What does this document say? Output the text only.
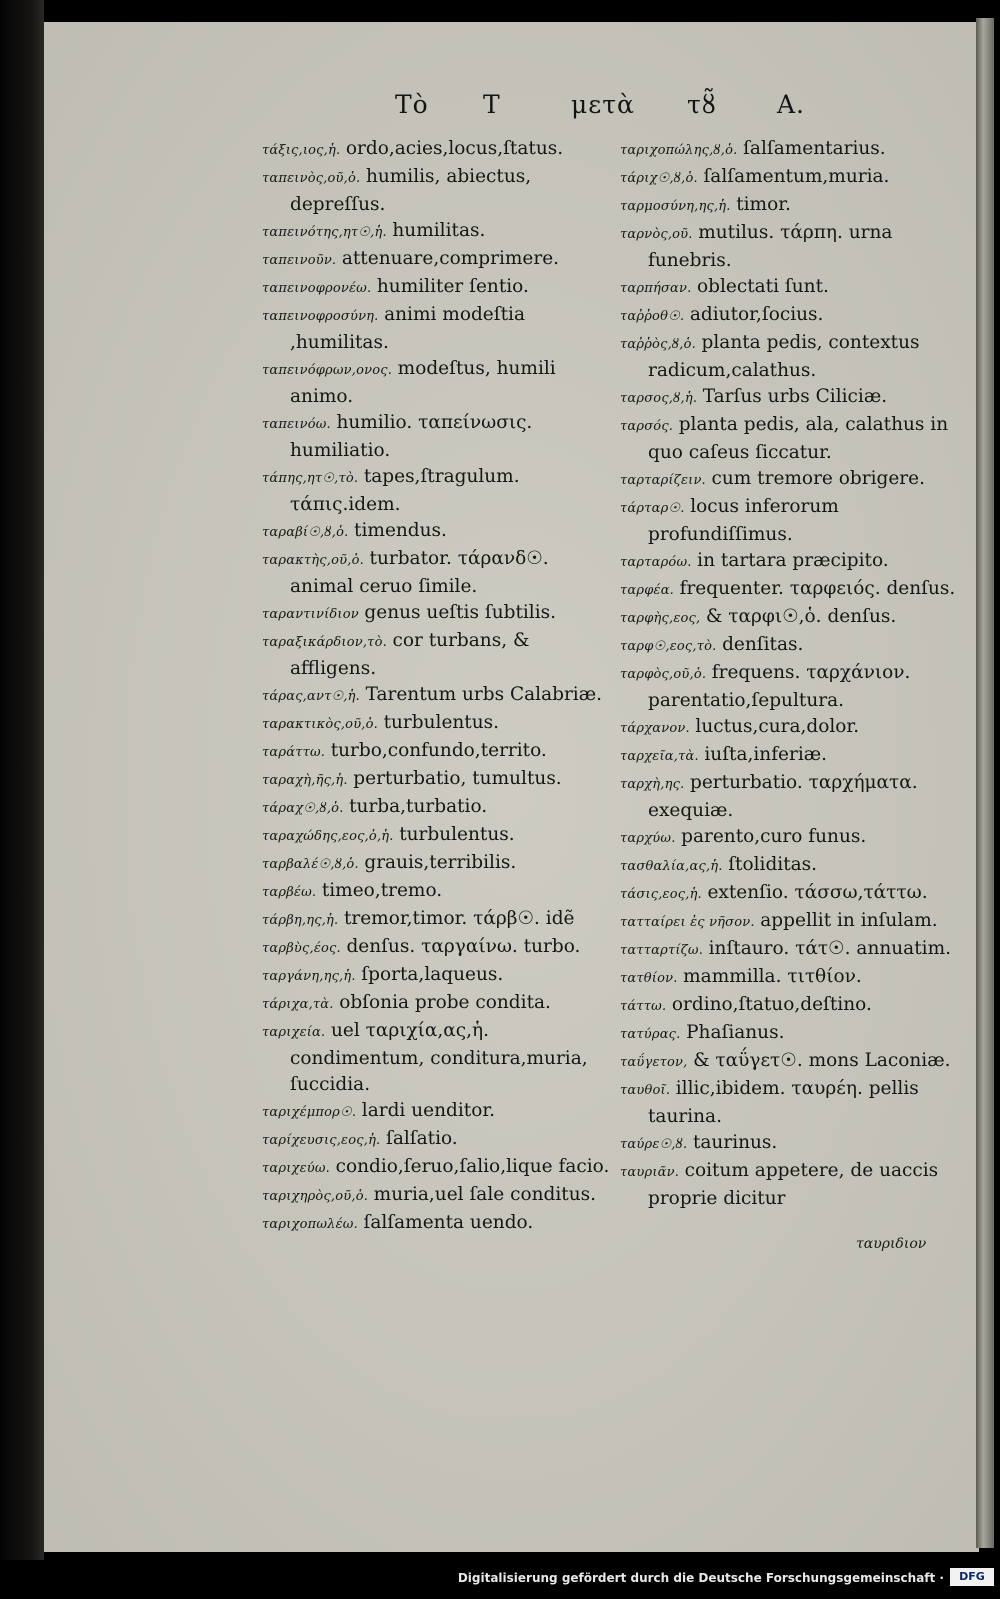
Τὸ Τ	μετὰ τȣ̃ Α.
τάξις,ιος,ἡ. ordo,acies,locus,ſtatus.
ταπεινὸς,οῦ,ὁ. humilis, abiectus, depreſſus.
ταπεινότης,ητ☉,ἡ. humilitas.
ταπεινοῦν. attenuare,comprimere.
ταπεινοφρονέω. humiliter ſentio.
ταπεινοφροσύνη. animi modeſtia ,humilitas.
ταπεινόφρων,ονος. modeſtus, humili animo.
ταπεινόω. humilio. ταπείνωσις. humiliatio.
τάπης,ητ☉,τὸ. tapes,ſtragulum. τάπις.idem.
ταραβί☉,ȣ,ὁ. timendus.
ταρακτὴς,οῦ,ὁ. turbator. τάρανδ☉. animal ceruo ſimile.
ταραντινίδιον genus ueſtis ſubtilis.
ταραξικάρδιον,τὸ. cor turbans, & affligens.
τάρας,αντ☉,ἡ. Tarentum urbs Calabriæ.
ταρακτικὸς,οῦ,ὁ. turbulentus.
ταράττω. turbo,confundo,territo.
ταραχὴ,ῆς,ἡ. perturbatio, tumultus.
τάραχ☉,ȣ,ὁ. turba,turbatio.
ταραχώδης,εος,ὁ,ἡ. turbulentus.
ταρβαλέ☉,ȣ,ὁ. grauis,terribilis.
ταρβέω. timeo,tremo.
τάρβη,ης,ἡ. tremor,timor. τάρβ☉. idẽ
ταρβὺς,έος. denſus. ταργαίνω. turbo.
ταργάνη,ης,ἡ. ſporta,laqueus.
τάριχα,τὰ. obſonia probe condita.
ταριχεία. uel ταριχία,ας,ἡ. condimentum, conditura,muria, ſuccidia.
ταριχέμπορ☉. lardi uenditor.
ταρίχευσις,εος,ἡ. ſalſatio.
ταριχεύω. condio,ſeruo,ſalio,lique facio.
ταριχηρὸς,οῦ,ὁ. muria,uel ſale conditus.
ταριχοπωλέω. ſalſamenta uendo.
ταριχοπώλης,ȣ,ὁ. ſalſamentarius.
τάριχ☉,ȣ,ὁ. ſalſamentum,muria.
ταρμοσύνη,ης,ἡ. timor.
ταρνὸς,οῦ. mutilus. τάρπη. urna funebris.
ταρπήσαν. oblectati ſunt.
ταῤῥοθ☉. adiutor,ſocius.
ταῤῥὸς,ȣ,ὁ. planta pedis, contextus radicum,calathus.
ταρσος,ȣ,ἡ. Tarſus urbs Ciliciæ.
ταρσός. planta pedis, ala, calathus in quo caſeus ſiccatur.
ταρταρίζειν. cum tremore obrigere.
τάρταρ☉. locus inferorum profundiſſimus.
ταρταρόω. in tartara præcipito.
ταρφέα. frequenter. ταρφειός. denſus.
ταρφὴς,εος, & ταρφι☉,ὁ. denſus.
ταρφ☉,εος,τὸ. denſitas.
ταρφὸς,οῦ,ὁ. frequens. ταρχάνιον. parentatio,ſepultura.
τάρχανον. luctus,cura,dolor.
ταρχεῖα,τὰ. iuſta,inferiæ.
ταρχὴ,ης. perturbatio. ταρχήματα. exequiæ.
ταρχύω. parento,curo funus.
τασθαλία,ας,ἡ. ſtoliditas.
τάσις,εος,ἡ. extenſio. τάσσω,τάττω.
τατταίρει ἐς νῆσον. appellit in inſulam.
τατταρτίζω. inſtauro. τάτ☉. annuatim.
τατθίον. mammilla. τιτθίον.
τάττω. ordino,ſtatuo,deſtino.
τατύρας. Phaſianus.
ταΰγετον, & ταΰγετ☉. mons Laconiæ.
ταυθοῖ. illic,ibidem. ταυρέη. pellis taurina.
ταύρε☉,ȣ. taurinus.
ταυριᾶν. coitum appetere, de uaccis proprie dicitur
ταυριδιον
Digitalisierung gefördert durch die Deutsche Forschungsgemeinschaft ·	DFG
